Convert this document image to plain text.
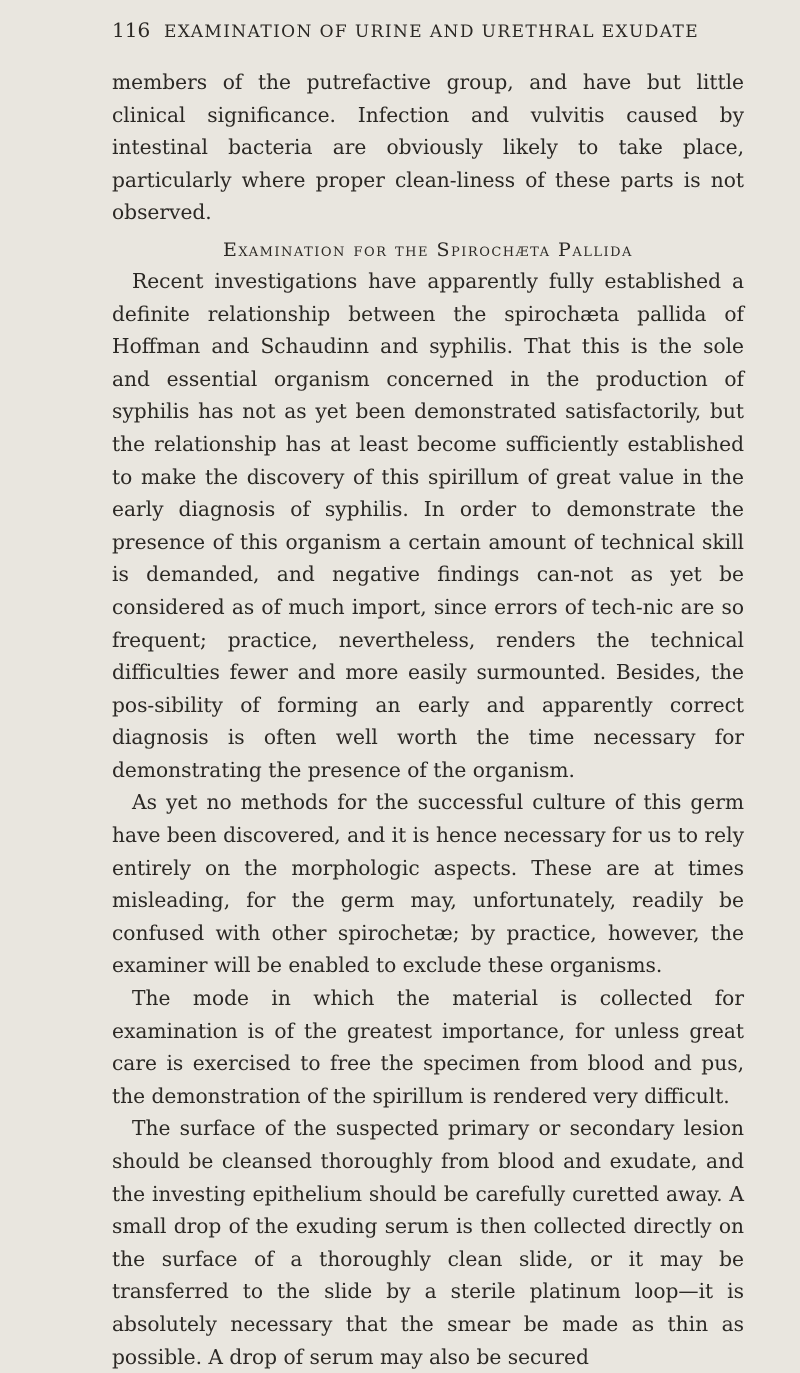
116 EXAMINATION OF URINE AND URETHRAL EXUDATE

members of the putrefactive group, and have but little clinical significance. Infection and vulvitis caused by intestinal bacteria are obviously likely to take place, particularly where proper clean-liness of these parts is not observed.

Examination for the Spirochæta Pallida

Recent investigations have apparently fully established a definite relationship between the spirochæta pallida of Hoffman and Schaudinn and syphilis. That this is the sole and essential organism concerned in the production of syphilis has not as yet been demonstrated satisfactorily, but the relationship has at least become sufficiently established to make the discovery of this spirillum of great value in the early diagnosis of syphilis. In order to demonstrate the presence of this organism a certain amount of technical skill is demanded, and negative findings can-not as yet be considered as of much import, since errors of tech-nic are so frequent; practice, nevertheless, renders the technical difficulties fewer and more easily surmounted. Besides, the pos-sibility of forming an early and apparently correct diagnosis is often well worth the time necessary for demonstrating the presence of the organism.

As yet no methods for the successful culture of this germ have been discovered, and it is hence necessary for us to rely entirely on the morphologic aspects. These are at times misleading, for the germ may, unfortunately, readily be confused with other spirochetæ; by practice, however, the examiner will be enabled to exclude these organisms.

The mode in which the material is collected for examination is of the greatest importance, for unless great care is exercised to free the specimen from blood and pus, the demonstration of the spirillum is rendered very difficult.

The surface of the suspected primary or secondary lesion should be cleansed thoroughly from blood and exudate, and the investing epithelium should be carefully curetted away. A small drop of the exuding serum is then collected directly on the surface of a thoroughly clean slide, or it may be transferred to the slide by a sterile platinum loop—it is absolutely necessary that the smear be made as thin as possible. A drop of serum may also be secured
